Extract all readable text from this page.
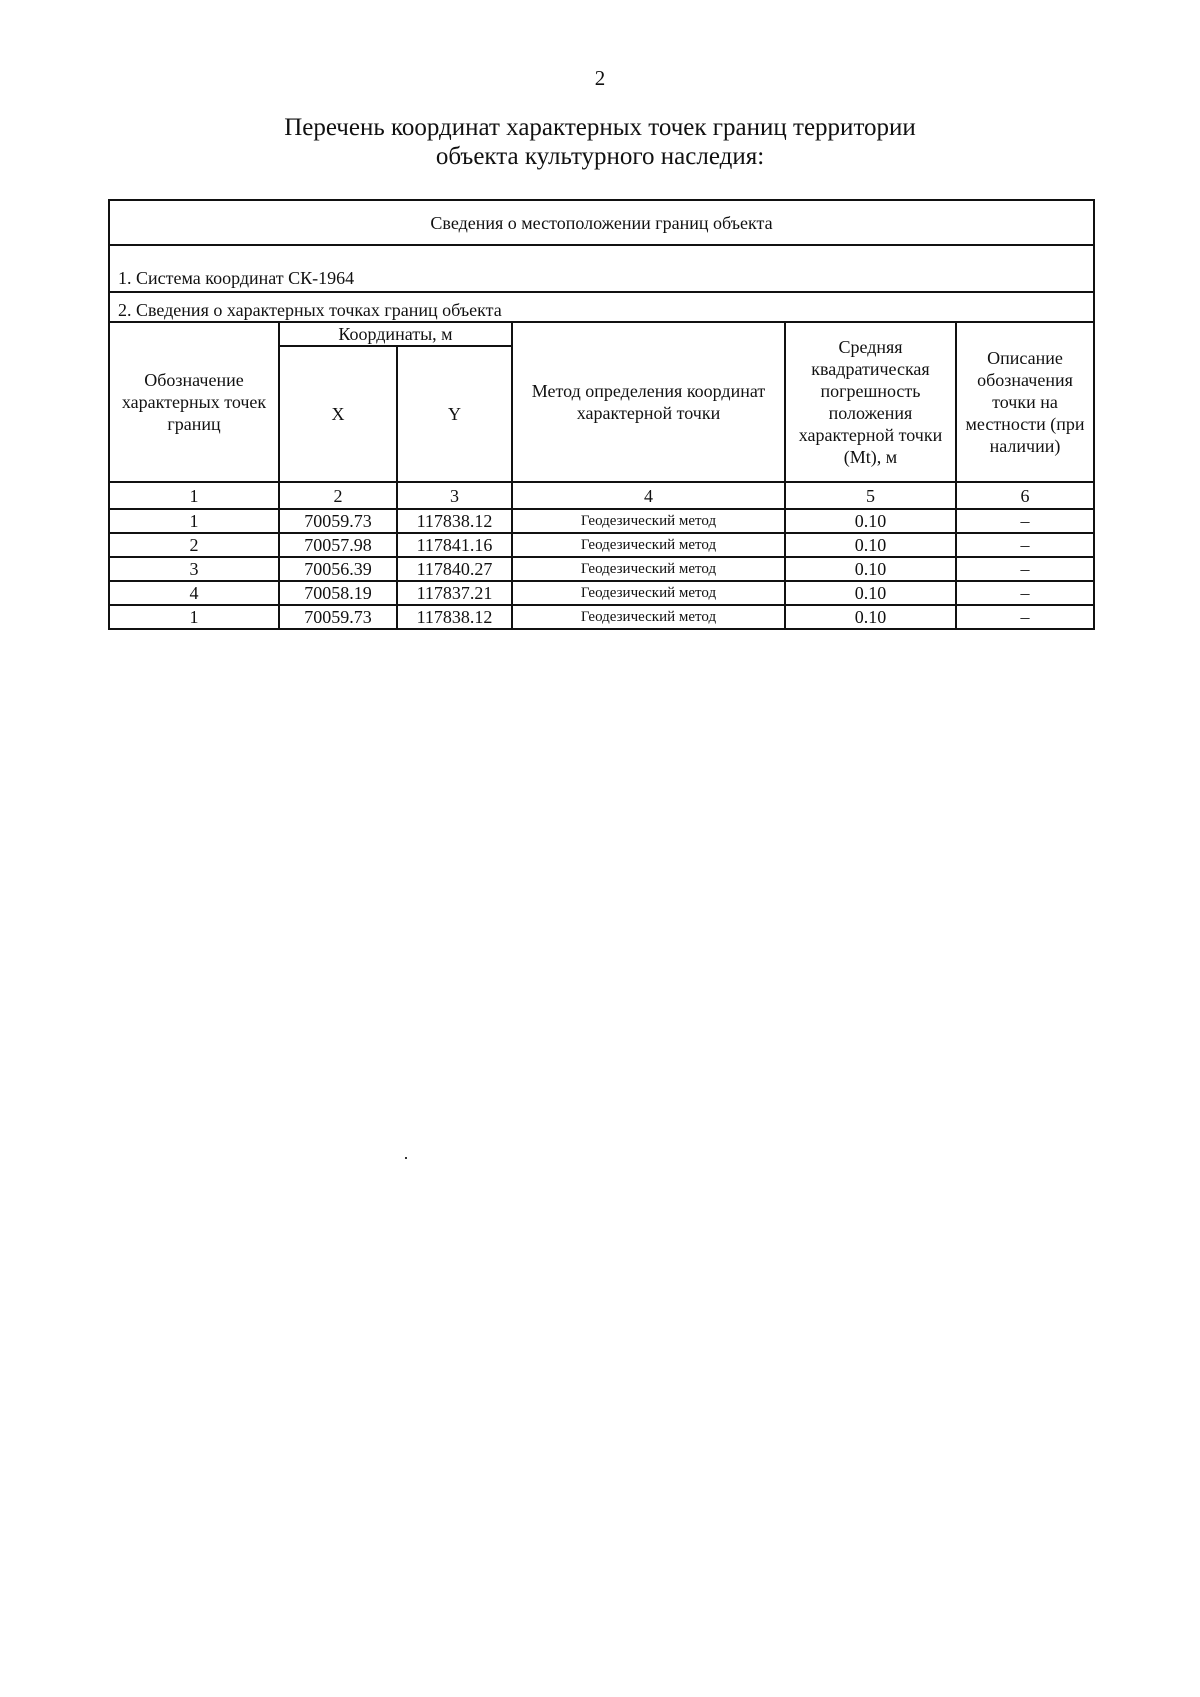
2
Перечень координат характерных точек границ территории
объекта культурного наследия:
Сведения о местоположении границ объекта					
1. Система координат СК-1964					
2. Сведения о характерных точках границ объекта					
Обозначение характерных точек границ	Координаты, м		Метод определения координат характерной точки	Средняя квадратическая погрешность положения характерной точки (Мt), м	Описание обозначения точки на местности (при наличии)
	X	Y			
1	2	3	4	5	6
1	70059.73	117838.12	Геодезический метод	0.10	–
2	70057.98	117841.16	Геодезический метод	0.10	–
3	70056.39	117840.27	Геодезический метод	0.10	–
4	70058.19	117837.21	Геодезический метод	0.10	–
1	70059.73	117838.12	Геодезический метод	0.10	–
